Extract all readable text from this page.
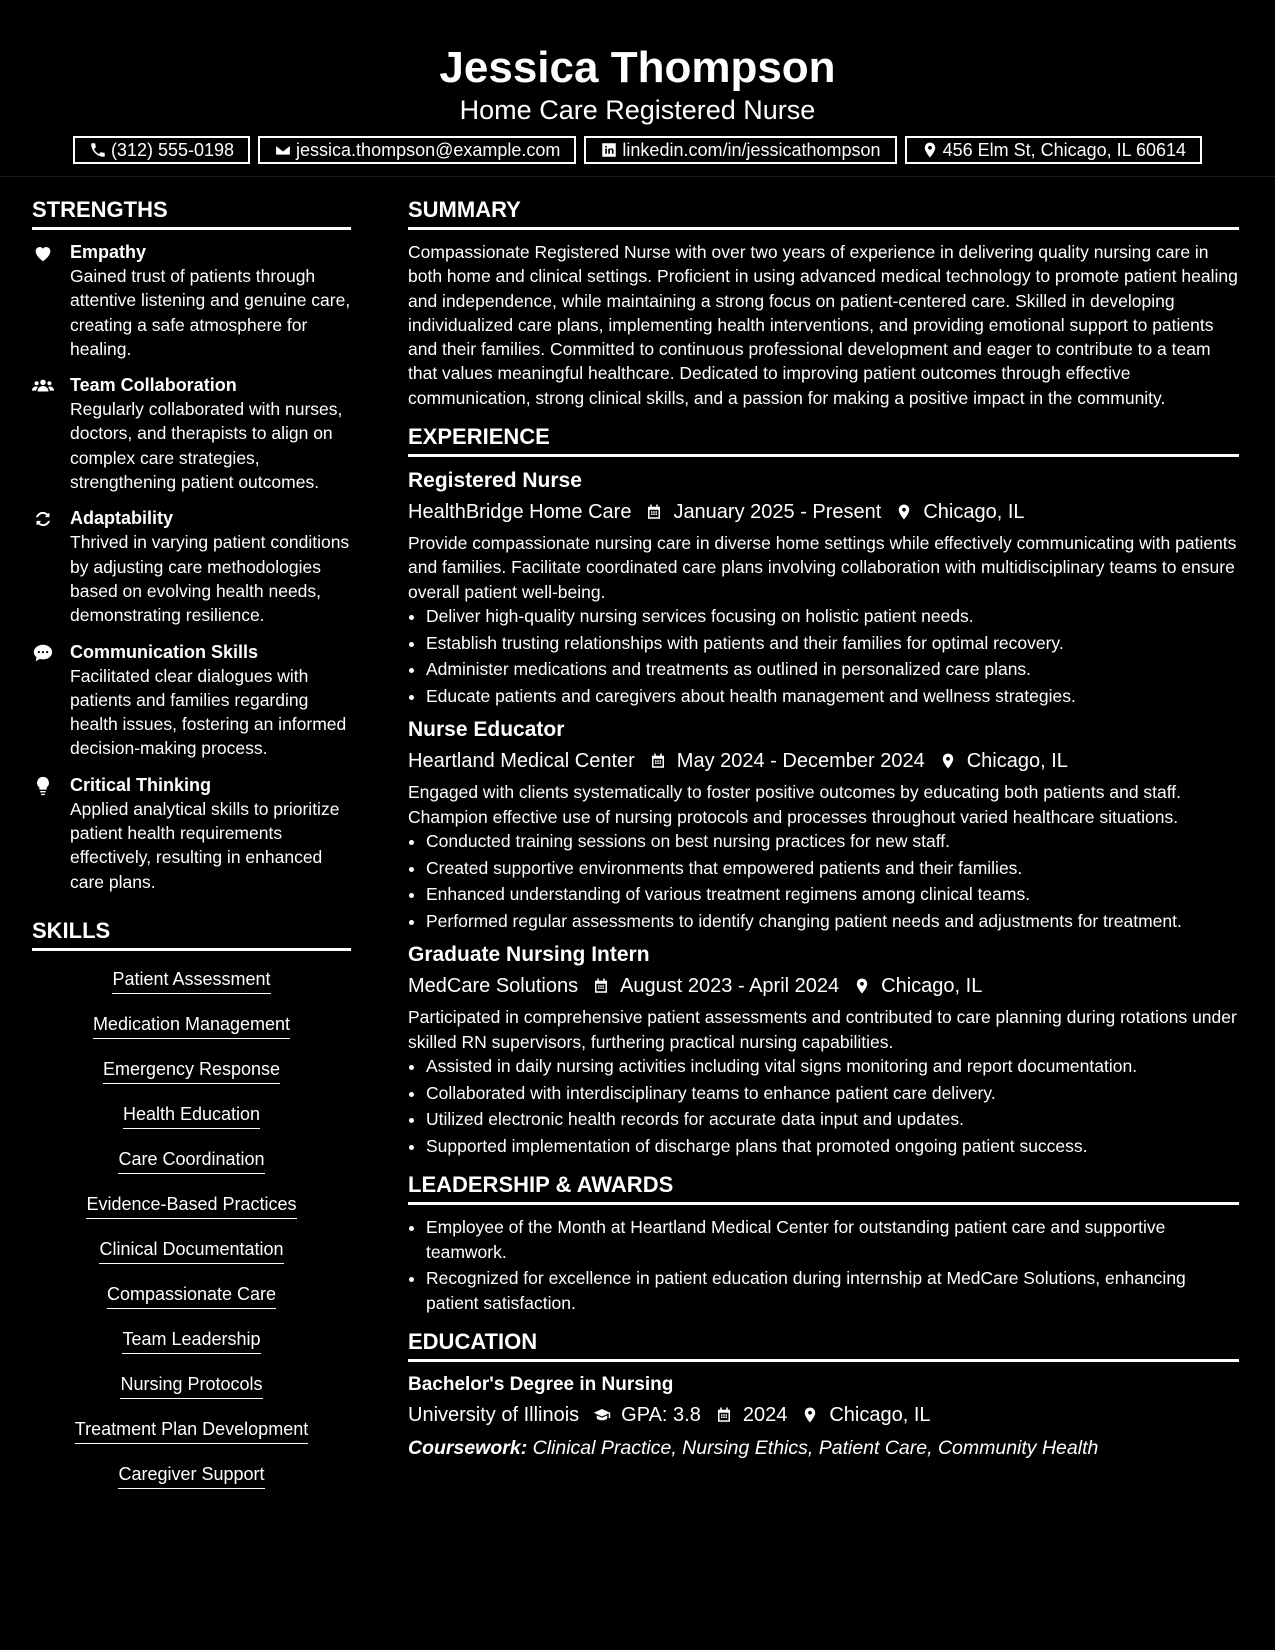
Jessica Thompson
Home Care Registered Nurse
(312) 555-0198	jessica.thompson@example.com	linkedin.com/in/jessicathompson	456 Elm St, Chicago, IL 60614
STRENGTHS
Empathy
Gained trust of patients through attentive listening and genuine care, creating a safe atmosphere for healing.
Team Collaboration
Regularly collaborated with nurses, doctors, and therapists to align on complex care strategies, strengthening patient outcomes.
Adaptability
Thrived in varying patient conditions by adjusting care methodologies based on evolving health needs, demonstrating resilience.
Communication Skills
Facilitated clear dialogues with patients and families regarding health issues, fostering an informed decision-making process.
Critical Thinking
Applied analytical skills to prioritize patient health requirements effectively, resulting in enhanced care plans.
SKILLS
Patient Assessment
Medication Management
Emergency Response
Health Education
Care Coordination
Evidence-Based Practices
Clinical Documentation
Compassionate Care
Team Leadership
Nursing Protocols
Treatment Plan Development
Caregiver Support
SUMMARY

Compassionate Registered Nurse with over two years of experience in delivering quality nursing care in both home and clinical settings. Proficient in using advanced medical technology to promote patient healing and independence, while maintaining a strong focus on patient-centered care. Skilled in developing individualized care plans, implementing health interventions, and providing emotional support to patients and their families. Committed to continuous professional development and eager to contribute to a team that values meaningful healthcare. Dedicated to improving patient outcomes through effective communication, strong clinical skills, and a passion for making a positive impact in the community.

EXPERIENCE
Registered Nurse
HealthBridge Home Care January 2025 - Present Chicago, IL

Provide compassionate nursing care in diverse home settings while effectively communicating with patients and families. Facilitate coordinated care plans involving collaboration with multidisciplinary teams to ensure overall patient well-being.

• Deliver high-quality nursing services focusing on holistic patient needs.
• Establish trusting relationships with patients and their families for optimal recovery.
• Administer medications and treatments as outlined in personalized care plans.
• Educate patients and caregivers about health management and wellness strategies.
Nurse Educator
Heartland Medical Center May 2024 - December 2024 Chicago, IL

Engaged with clients systematically to foster positive outcomes by educating both patients and staff. Champion effective use of nursing protocols and processes throughout varied healthcare situations.

• Conducted training sessions on best nursing practices for new staff.
• Created supportive environments that empowered patients and their families.
• Enhanced understanding of various treatment regimens among clinical teams.
• Performed regular assessments to identify changing patient needs and adjustments for treatment.
Graduate Nursing Intern
MedCare Solutions August 2023 - April 2024 Chicago, IL

Participated in comprehensive patient assessments and contributed to care planning during rotations under skilled RN supervisors, furthering practical nursing capabilities.

• Assisted in daily nursing activities including vital signs monitoring and report documentation.
• Collaborated with interdisciplinary teams to enhance patient care delivery.
• Utilized electronic health records for accurate data input and updates.
• Supported implementation of discharge plans that promoted ongoing patient success.
LEADERSHIP & AWARDS
• Employee of the Month at Heartland Medical Center for outstanding patient care and supportive teamwork.
• Recognized for excellence in patient education during internship at MedCare Solutions, enhancing patient satisfaction.
EDUCATION
Bachelor's Degree in Nursing
University of Illinois GPA: 3.8 2024 Chicago, IL
Coursework: Clinical Practice, Nursing Ethics, Patient Care, Community Health
